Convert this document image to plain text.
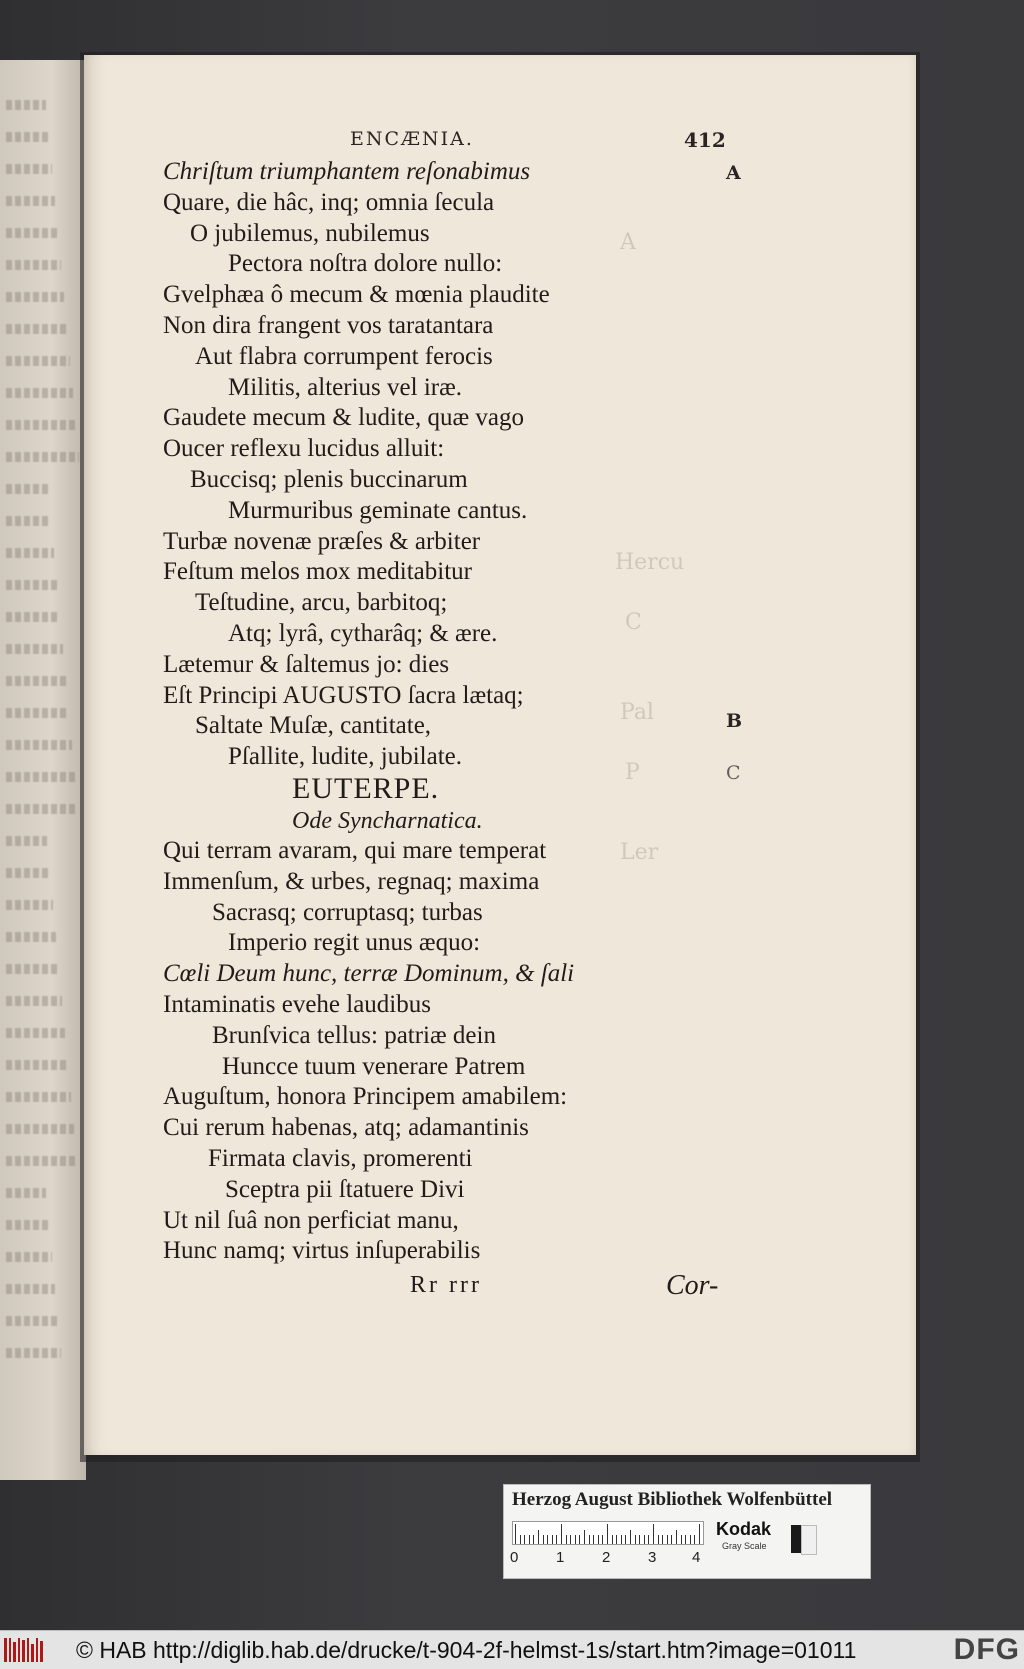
A
Hercu
C
Pal
P
Ler
ENCÆNIA.	412
A
B
C
Chriſtum triumphantem reſonabimus
Quare, die hâc, inq; omnia ſecula
O jubilemus, nubilemus
Pectora noſtra dolore nullo:
Gvelphæa ô mecum & mœnia plaudite
Non dira frangent vos taratantara
Aut flabra corrumpent ferocis
Militis, alterius vel iræ.
Gaudete mecum & ludite, quæ vago
Oucer reflexu lucidus alluit:
Buccisq; plenis buccinarum
Murmuribus geminate cantus.
Turbæ novenæ præſes & arbiter
Feſtum melos mox meditabitur
Teſtudine, arcu, barbitoq;
Atq; lyrâ, cytharâq; & ære.
Lætemur & ſaltemus jo: dies
Eſt Principi AUGUSTO ſacra lætaq;
Saltate Muſæ, cantitate,
Pſallite, ludite, jubilate.
EUTERPE.
Ode Syncharnatica.
Qui terram avaram, qui mare temperat
Immenſum, & urbes, regnaq; maxima
Sacrasq; corruptasq; turbas
Imperio regit unus æquo:
Cœli Deum hunc, terræ Dominum, & ſali
Intaminatis evehe laudibus
Brunſvica tellus: patriæ dein
Huncce tuum venerare Patrem
Auguſtum, honora Principem amabilem:
Cui rerum habenas, atq; adamantinis
Firmata clavis, promerenti
Sceptra pii ſtatuere Divi
Ut nil ſuâ non perficiat manu,
Hunc namq; virtus inſuperabilis
Rr rrr	Cor-
Herzog August Bibliothek Wolfenbüttel
0	1	2	3 4
Kodak
Gray Scale
© HAB http://diglib.hab.de/drucke/t-904-2f-helmst-1s/start.htm?image=01011	DFG
